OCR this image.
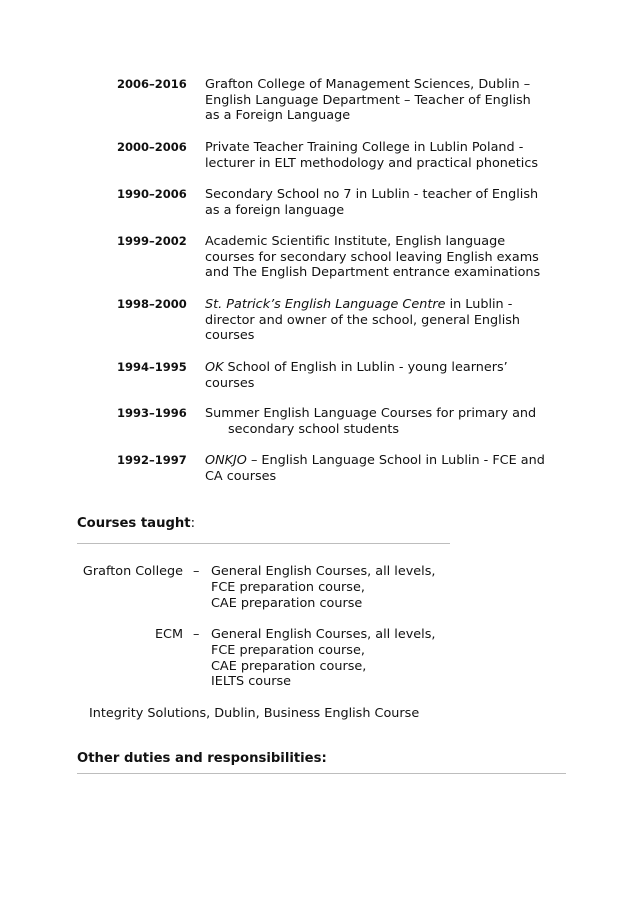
2006–2016 Grafton College of Management Sciences, Dublin –
English Language Department – Teacher of English
as a Foreign Language
2000–2006 Private Teacher Training College in Lublin Poland -
lecturer in ELT methodology and practical phonetics
1990–2006 Secondary School no 7 in Lublin - teacher of English
as a foreign language
1999–2002 Academic Scientific Institute, English language
courses for secondary school leaving English exams
and The English Department entrance examinations
1998–2000 St. Patrick’s English Language Centre in Lublin -
director and owner of the school, general English
courses
1994–1995 OK School of English in Lublin - young learners’
courses
1993–1996 Summer English Language Courses for primary and
secondary school students
1992–1997 ONKJO – English Language School in Lublin - FCE and
CA courses
Courses taught:
Grafton College – General English Courses, all levels,
FCE preparation course,
CAE preparation course
ECM – General English Courses, all levels,
FCE preparation course,
CAE preparation course,
IELTS course
Integrity Solutions, Dublin, Business English Course
Other duties and responsibilities:
